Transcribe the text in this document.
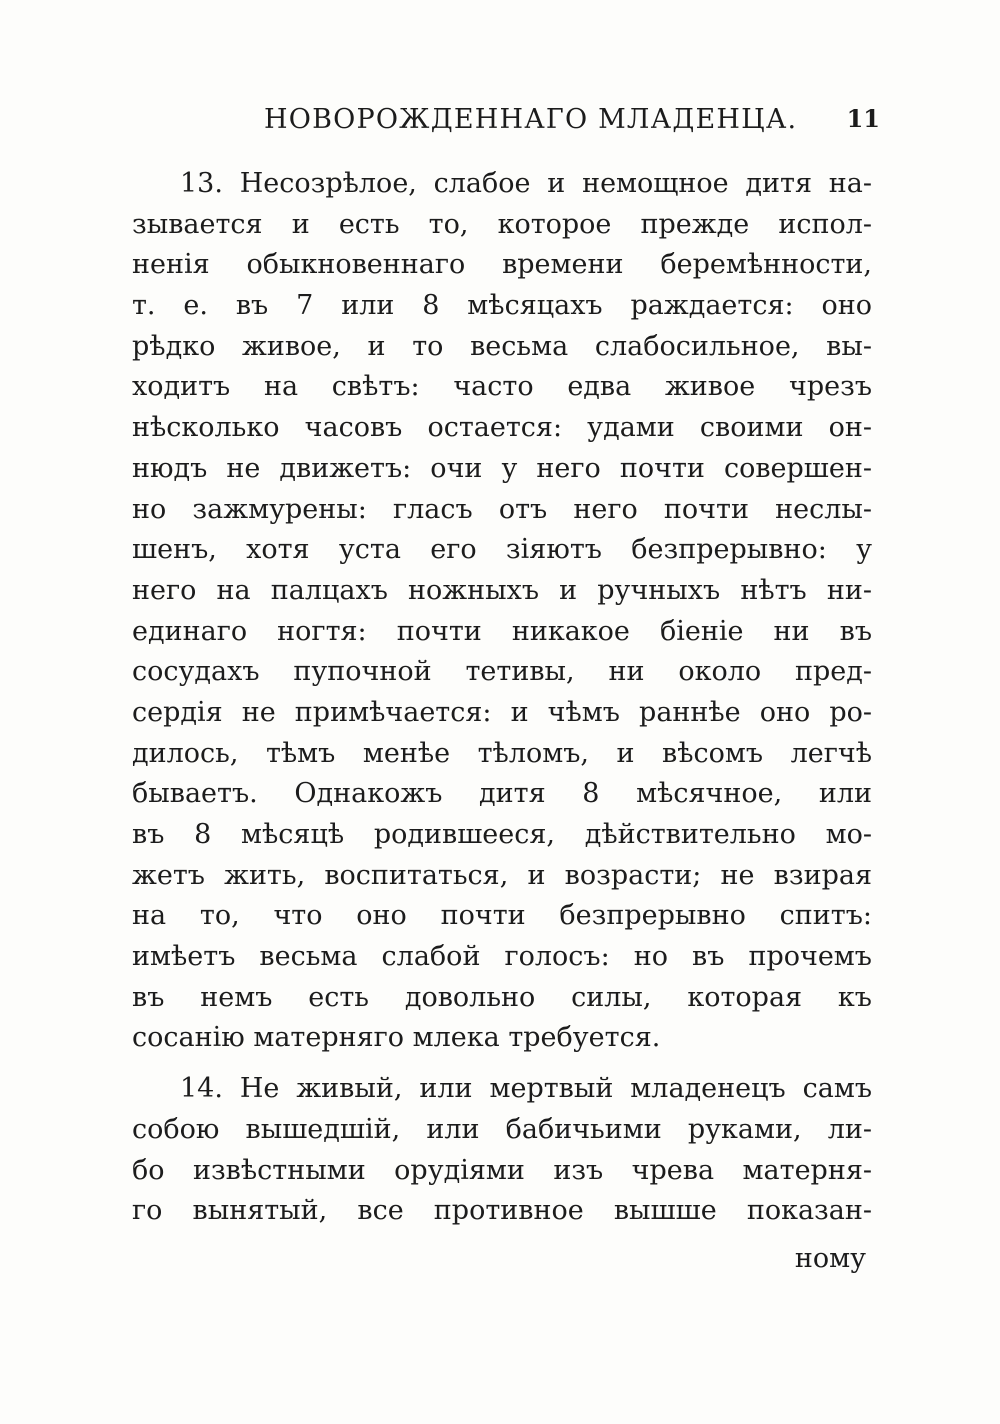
НОВОРОЖДЕННАГО МЛАДЕНЦА. 11
13. Несозрѣлое, слабое и немощное дитя на-
зывается и есть то, которое прежде испол-
ненія обыкновеннаго времени беремѣнности,
т. е. въ 7 или 8 мѣсяцахъ раждается: оно
рѣдко живое, и то весьма слабосильное, вы-
ходитъ на свѣтъ: часто едва живое чрезъ
нѣсколько часовъ остается: удами своими он-
нюдъ не движетъ: очи у него почти совершен-
но зажмурены: гласъ отъ него почти неслы-
шенъ, хотя уста его зіяютъ безпрерывно: у
него на палцахъ ножныхъ и ручныхъ нѣтъ ни-
единаго ногтя: почти никакое біеніе ни въ
сосудахъ пупочной тетивы, ни около пред-
сердія не примѣчается: и чѣмъ раннѣе оно ро-
дилось, тѣмъ менѣе тѣломъ, и вѣсомъ легчѣ
бываетъ. Однакожъ дитя 8 мѣсячное, или
въ 8 мѣсяцѣ родившееся, дѣйствительно мо-
жетъ жить, воспитаться, и возрасти; не взирая
на то, что оно почти безпрерывно спитъ:
имѣетъ весьма слабой голосъ: но въ прочемъ
въ немъ есть довольно силы, которая къ
сосанію матерняго млека требуется.
14. Не живый, или мертвый младенецъ самъ
собою вышедшій, или бабичьими руками, ли-
бо извѣстными орудіями изъ чрева матерня-
го вынятый, все противное вышше показан-
ному
